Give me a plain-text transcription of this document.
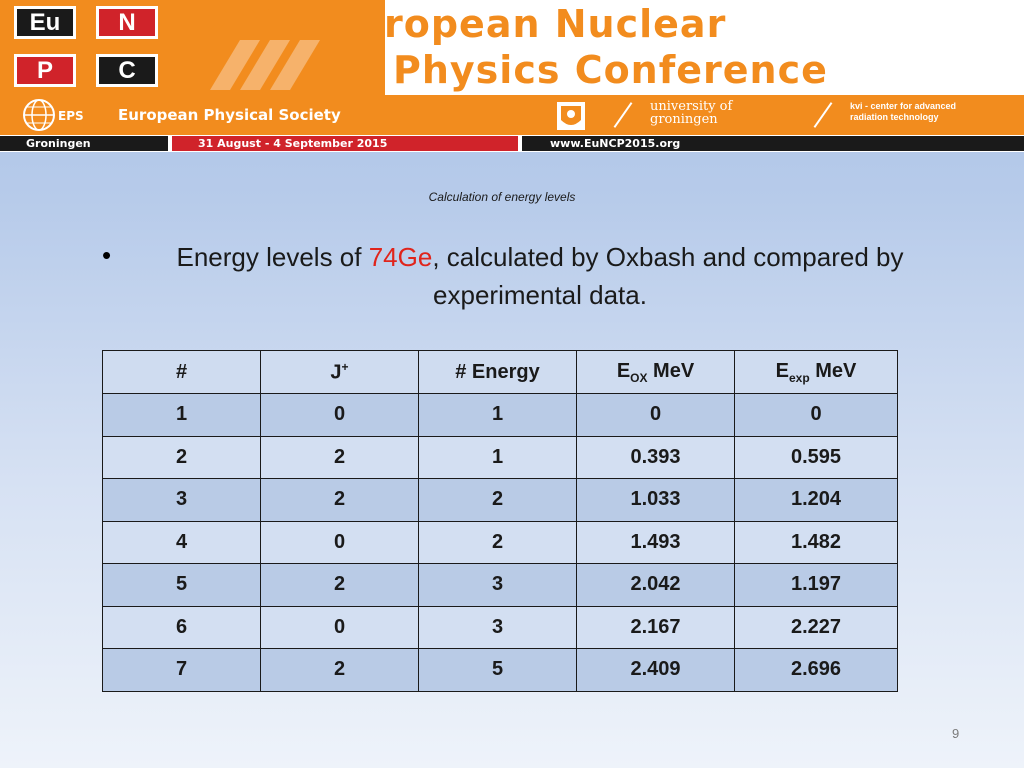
Eu	N
P	C
2015 European Nuclear
Physics Conference
EPS European Physical Society	university of
groningen
kvi - center for advanced
radiation technology
Groningen	31 August - 4 September 2015	www.EuNCP2015.org
Calculation of energy levels
•	Energy levels of 74Ge, calculated by Oxbash and compared by experimental data.
#	J+	# Energy	$E_{OX}$ MeV	$E_{exp}$ MeV
1	0	1	0	0
2	2	1	0.393	0.595
3	2	2	1.033	1.204
4	0	2	1.493	1.482
5	2	3	2.042	1.197
6	0	3	2.167	2.227
7	2	5	2.409	2.696
9
